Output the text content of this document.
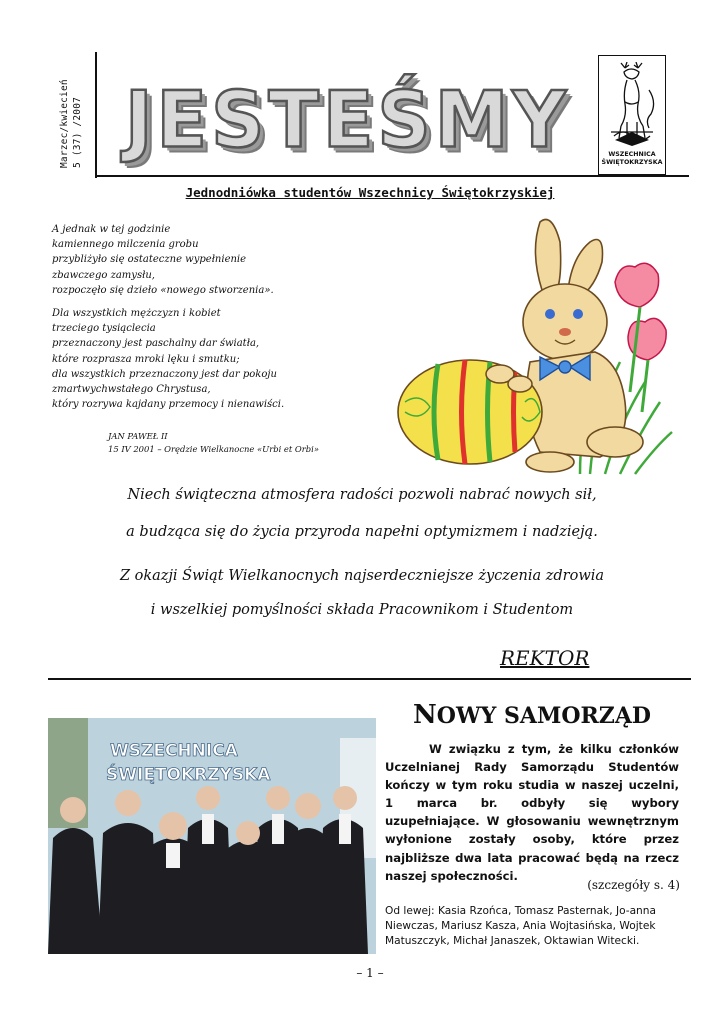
Marzec/kwiecień 5 (37) /2007 JESTEŚMY	WSZECHNICA
ŚWIĘTOKRZYSKA
Jednodniówka studentów Wszechnicy Świętokrzyskiej
A jednak w tej godzinie
kamiennego milczenia grobu
przybliżyło się ostateczne wypełnienie
zbawczego zamysłu,
rozpoczęło się dzieło «nowego stworzenia».
Dla wszystkich mężczyzn i kobiet
trzeciego tysiąclecia
przeznaczony jest paschalny dar światła,
które rozprasza mroki lęku i smutku;
dla wszystkich przeznaczony jest dar pokoju
zmartwychwstałego Chrystusa,
który rozrywa kajdany przemocy i nienawiści.
JAN PAWEŁ II
15 IV 2001 – Orędzie Wielkanocne «Urbi et Orbi»
Niech świąteczna atmosfera radości pozwoli nabrać nowych sił,
a budząca się do życia przyroda napełni optymizmem i nadzieją.
Z okazji Świąt Wielkanocnych najserdeczniejsze życzenia zdrowia
i wszelkiej pomyślności składa Pracownikom i Studentom
REKTOR
WSZECHNICA
ŚWIĘTOKRZYSKA
NOWY SAMORZĄD
W związku z tym, że kilku członków Uczelnianej Rady Samorządu Studentów kończy w tym roku studia w naszej uczelni, 1 marca br. odbyły się wybory uzupełniające. W głosowaniu wewnętrznym wyłonione zostały osoby, które przez najbliższe dwa lata pracować będą na rzecz naszej społeczności.
(szczegóły s. 4)
Od lewej: Kasia Rzońca, Tomasz Pasternak, Jo-anna Niewczas, Mariusz Kasza, Ania Wojtasińska, Wojtek Matuszczyk, Michał Janaszek, Oktawian Witecki.
– 1 –
